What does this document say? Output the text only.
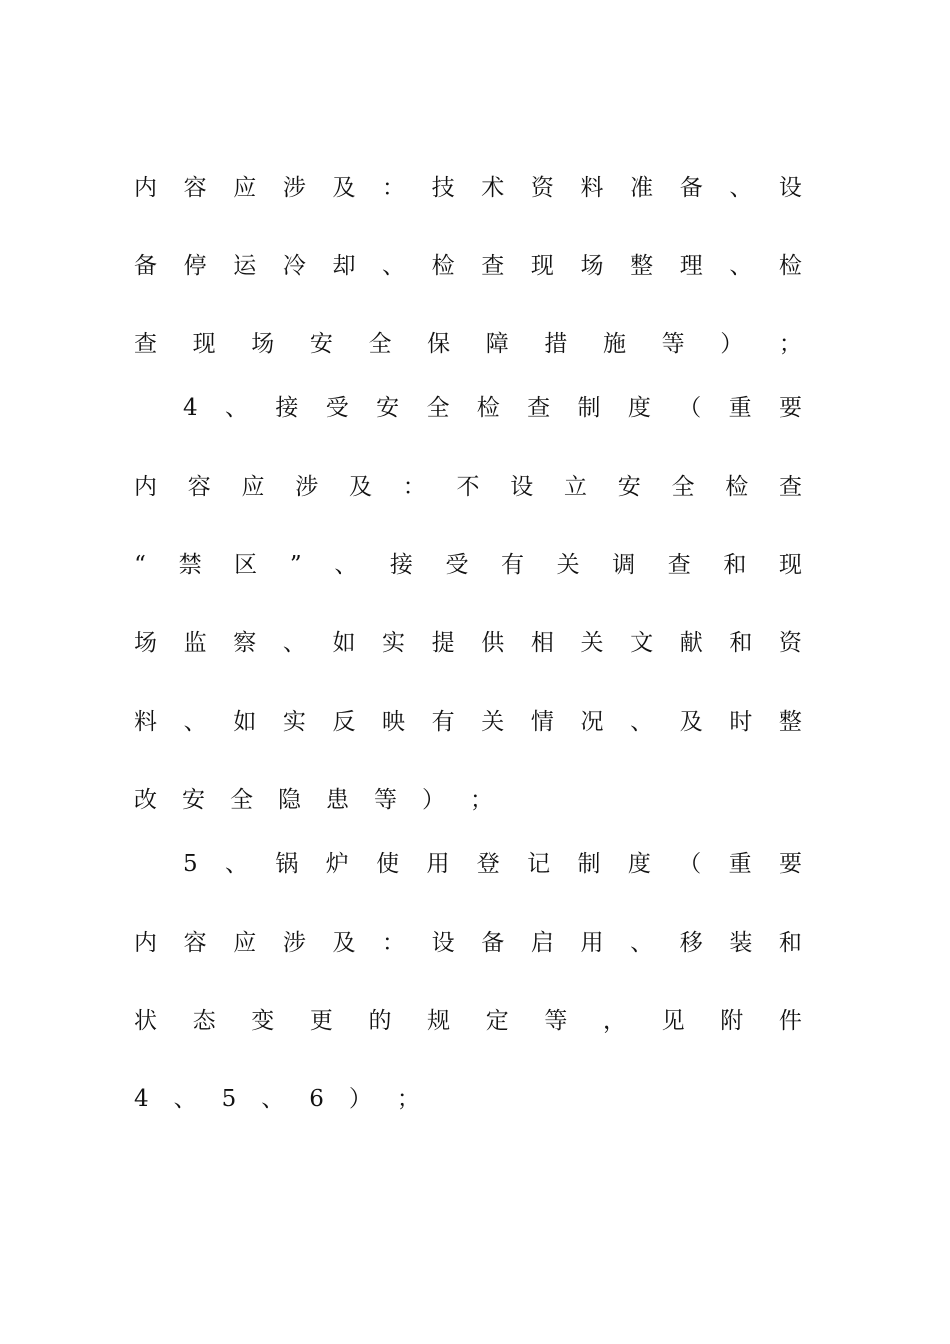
内 容 应 涉 及 ： 技 术 资 料 准 备 、 设
备 停 运 冷 却 、 检 查 现 场 整 理 、 检
查 现 场 安 全 保 障 措 施 等 ） ；
4 、 接 受 安 全 检 查 制 度 （ 重 要
内 容 应 涉 及 ： 不 设 立 安 全 检 查
“ 禁 区 ” 、 接 受 有 关 调 查 和 现
场 监 察 、 如 实 提 供 相 关 文 献 和 资
料 、 如 实 反 映 有 关 情 况 、 及 时 整
改 安 全 隐 患 等 ） ；
5 、 锅 炉 使 用 登 记 制 度 （ 重 要
内 容 应 涉 及 ： 设 备 启 用 、 移 装 和
状 态 变 更 的 规 定 等 ， 见 附 件
4 、 5 、 6 ） ；
